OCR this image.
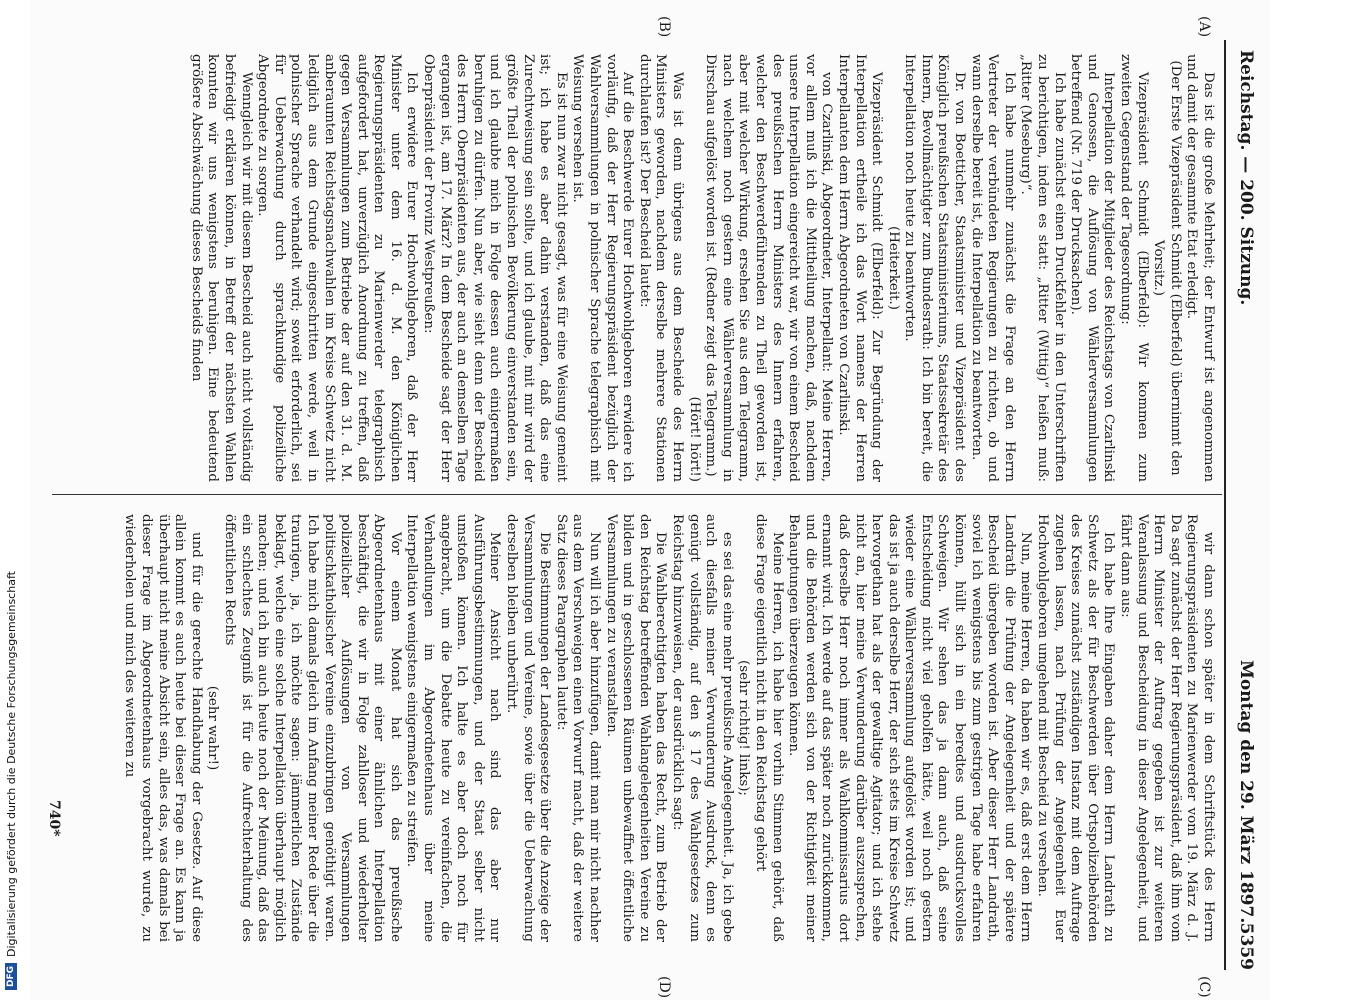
Reichstag. — 200. Sitzung.
Montag den 29. März 1897.
5359
(A)
(B)
(C)
(D)

Das ist die große Mehrheit; der Entwurf ist angenommen und damit der gesammte Etat erledigt.

(Der Erste Vizepräsident Schmidt (Elberfeld) übernimmt den Vorsitz.)

Vizepräsident Schmidt (Elberfeld): Wir kommen zum zweiten Gegenstand der Tagesordnung:

Interpellation der Mitglieder des Reichstags von Czarlinski und Genossen, die Auflösung von Wählerversammlungen betreffend (Nr. 719 der Drucksachen).

Ich habe zunächst einen Druckfehler in den Unterschriften zu berichtigen, indem es statt: „Ritter (Wittig)“ heißen muß: „Ritter (Meseburg)“.

Ich habe nunmehr zunächst die Frage an den Herrn Vertreter der verbündeten Regierungen zu richten, ob und wann derselbe bereit ist, die Interpellation zu beantworten.

Dr. von Boetticher, Staatsminister und Vizepräsident des Königlich preußischen Staatsministeriums, Staatssekretär des Innern, Bevollmächtigter zum Bundesrath: Ich bin bereit, die Interpellation noch heute zu beantworten.

(Heiterkeit.)

Vizepräsident Schmidt (Elberfeld): Zur Begründung der Interpellation ertheile ich das Wort namens der Herren Interpellanten dem Herrn Abgeordneten von Czarlinski.

von Czarlinski, Abgeordneter, Interpellant: Meine Herren, vor allem muß ich die Mittheilung machen, daß, nachdem unsere Interpellation eingereicht war, wir von einem Bescheid des preußischen Herrn Ministers des Innern erfahren, welcher den Beschwerdeführenden zu Theil geworden ist, aber mit welcher Wirkung, ersehen Sie aus dem Telegramm, nach welchem noch gestern eine Wählerversammlung in Dirschau aufgelöst worden ist. (Redner zeigt das Telegramm.)

(Hört! hört!)

Was ist denn übrigens aus dem Bescheide des Herrn Ministers geworden, nachdem derselbe mehrere Stationen durchlaufen ist? Der Bescheid lautet:

Auf die Beschwerde Eurer Hochwohlgeboren erwidere ich vorläufig, daß der Herr Regierungspräsident bezüglich der Wahlversammlungen in polnischer Sprache telegraphisch mit Weisung versehen ist.

Es ist nun zwar nicht gesagt, was für eine Weisung gemeint ist; ich habe es aber dahin verstanden, daß das eine Zurechtweisung sein sollte, und ich glaube, mit mir wird der größte Theil der polnischen Bevölkerung einverstanden sein, und ich glaubte mich in Folge dessen auch einigermaßen beruhigen zu dürfen. Nun aber, wie sieht denn der Bescheid des Herrn Oberpräsidenten aus, der auch an demselben Tage ergangen ist, am 17. März? In dem Bescheide sagt der Herr Oberpräsident der Provinz Westpreußen:

Ich erwidere Eurer Hochwohlgeboren, daß der Herr Minister unter dem 16. d. M. den Königlichen Regierungspräsidenten zu Marienwerder telegraphisch aufgefordert hat, unverzüglich Anordnung zu treffen, daß gegen Versammlungen zum Betriebe der auf den 31. d. M. anberaumten Reichstagsnachwahlen im Kreise Schwetz nicht lediglich aus dem Grunde eingeschritten werde, weil in polnischer Sprache verhandelt wird; soweit erforderlich, sei für Ueberwachung durch sprachkundige polizeiliche Abgeordnete zu sorgen.

Wenngleich wir mit diesem Bescheid auch nicht vollständig befriedigt erklären können, in Betreff der nächsten Wahlen konnten wir uns wenigstens beruhigen. Eine bedeutend größere Abschwächung dieses Bescheids finden

wir dann schon später in dem Schriftstück des Herrn Regierungspräsidenten zu Marienwerder vom 19. März d. J. Da sagt zunächst der Herr Regierungspräsident, daß ihm vom Herrn Minister der Auftrag gegeben ist zur weiteren Veranlassung und Bescheidung in dieser Angelegenheit, und fährt dann aus:

Ich habe Ihre Eingaben daher dem Herrn Landrath zu Schwetz als der für Beschwerden über Ortspolizeibehörden des Kreises zunächst zuständigen Instanz mit dem Auftrage zugehen lassen, nach Prüfung der Angelegenheit Euer Hochwohlgeboren umgehend mit Bescheid zu versehen.

Nun, meine Herren, da haben wir es, daß erst dem Herrn Landrath die Prüfung der Angelegenheit und der spätere Bescheid übergeben worden ist. Aber dieser Herr Landrath, soviel ich wenigstens bis zum gestrigen Tage habe erfahren können, hüllt sich in ein beredtes und ausdrucksvolles Schweigen. Wir sehen das ja dann auch, daß seine Entscheidung nicht viel geholfen hätte, weil noch gestern wieder eine Wählerversammlung aufgelöst worden ist; und das ist ja auch derselbe Herr, der sich stets im Kreise Schwetz hervorgethan hat als der gewaltige Agitator; und ich stehe nicht an, hier meine Verwunderung darüber auszusprechen, daß derselbe Herr noch immer als Wahlkommissarius dort ernannt wird. Ich werde auf das später noch zurückkommen, und die Behörden werden sich von der Richtigkeit meiner Behauptungen überzeugen können.

Meine Herren, ich habe hier vorhin Stimmen gehört, daß diese Frage eigentlich nicht in den Reichstag gehört

(sehr richtig! links);

es sei das eine mehr preußische Angelegenheit. Ja, ich gebe auch diesfalls meiner Verwunderung Ausdruck, denn es genügt vollständig, auf den § 17 des Wahlgesetzes zum Reichstag hinzuweisen, der ausdrücklich sagt:

Die Wahlberechtigten haben das Recht, zum Betrieb der den Reichstag betreffenden Wahlangelegenheiten Vereine zu bilden und in geschlossenen Räumen unbewaffnet öffentliche Versammlungen zu veranstalten.

Nun will ich aber hinzufügen, damit man mir nicht nachher aus dem Verschweigen einen Vorwurf macht, daß der weitere Satz dieses Paragraphen lautet:

Die Bestimmungen der Landesgesetze über die Anzeige der Versammlungen und Vereine, sowie über die Ueberwachung derselben bleiben unberührt.

Meiner Ansicht nach sind das aber nur Ausführungsbestimmungen, und der Staat selber nicht umstoßen können. Ich halte es aber doch noch für angebracht, um die Debatte heute zu vereinfachen, die Verhandlungen im Abgeordnetenhaus über meine Interpellation wenigstens einigermaßen zu streifen.

Vor einem Monat hat sich das preußische Abgeordnetenhaus mit einer ähnlichen Interpellation beschäftigt, die wir in Folge zahlloser und wiederholter polizeilicher Auflösungen von Versammlungen politischkatholischer Vereine einzubringen genöthigt waren. Ich habe mich damals gleich im Anfang meiner Rede über die traurigen, ja, ich möchte sagen: jämmerlichen Zustände beklagt, welche eine solche Interpellation überhaupt möglich machen; und ich bin auch heute noch der Meinung, daß das ein schlechtes Zeugniß ist für die Aufrechterhaltung des öffentlichen Rechts

(sehr wahr!)

und für die gerechte Handhabung der Gesetze. Auf diese allein kommt es auch heute bei dieser Frage an. Es kann ja überhaupt nicht meine Absicht sein, alles das, was damals bei dieser Frage im Abgeordnetenhaus vorgebracht wurde, zu wiederholen und mich des weiteren zu

740*
DFG
Digitalisierung gefördert durch die Deutsche Forschungsgemeinschaft
